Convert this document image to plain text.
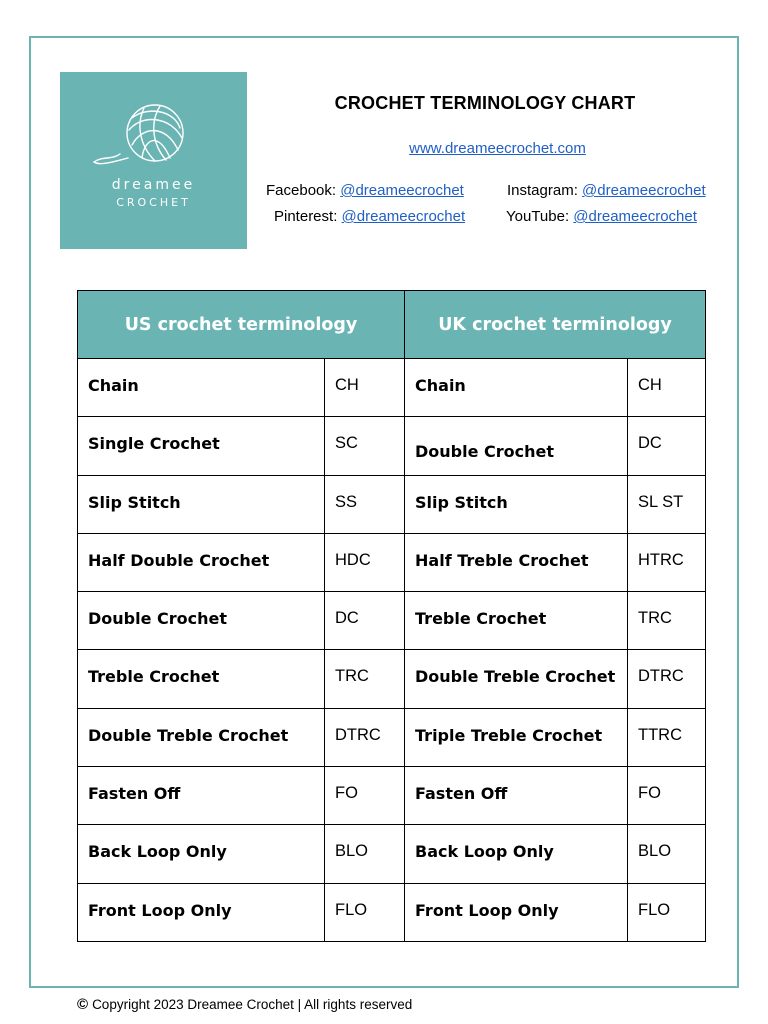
dreamee
CROCHET
CROCHET TERMINOLOGY CHART
www.dreameecrochet.com
Facebook: @dreameecrochet	Instagram: @dreameecrochet
Pinterest: @dreameecrochet	YouTube: @dreameecrochet
US crochet terminology		UK crochet terminology	
Chain	CH	Chain	CH
Single Crochet	SC	Double Crochet	DC
Slip Stitch	SS	Slip Stitch	SL ST
Half Double Crochet	HDC	Half Treble Crochet	HTRC
Double Crochet	DC	Treble Crochet	TRC
Treble Crochet	TRC	Double Treble Crochet	DTRC
Double Treble Crochet	DTRC	Triple Treble Crochet	TTRC
Fasten Off	FO	Fasten Off	FO
Back Loop Only	BLO	Back Loop Only	BLO
Front Loop Only	FLO	Front Loop Only	FLO
© Copyright 2023 Dreamee Crochet | All rights reserved
